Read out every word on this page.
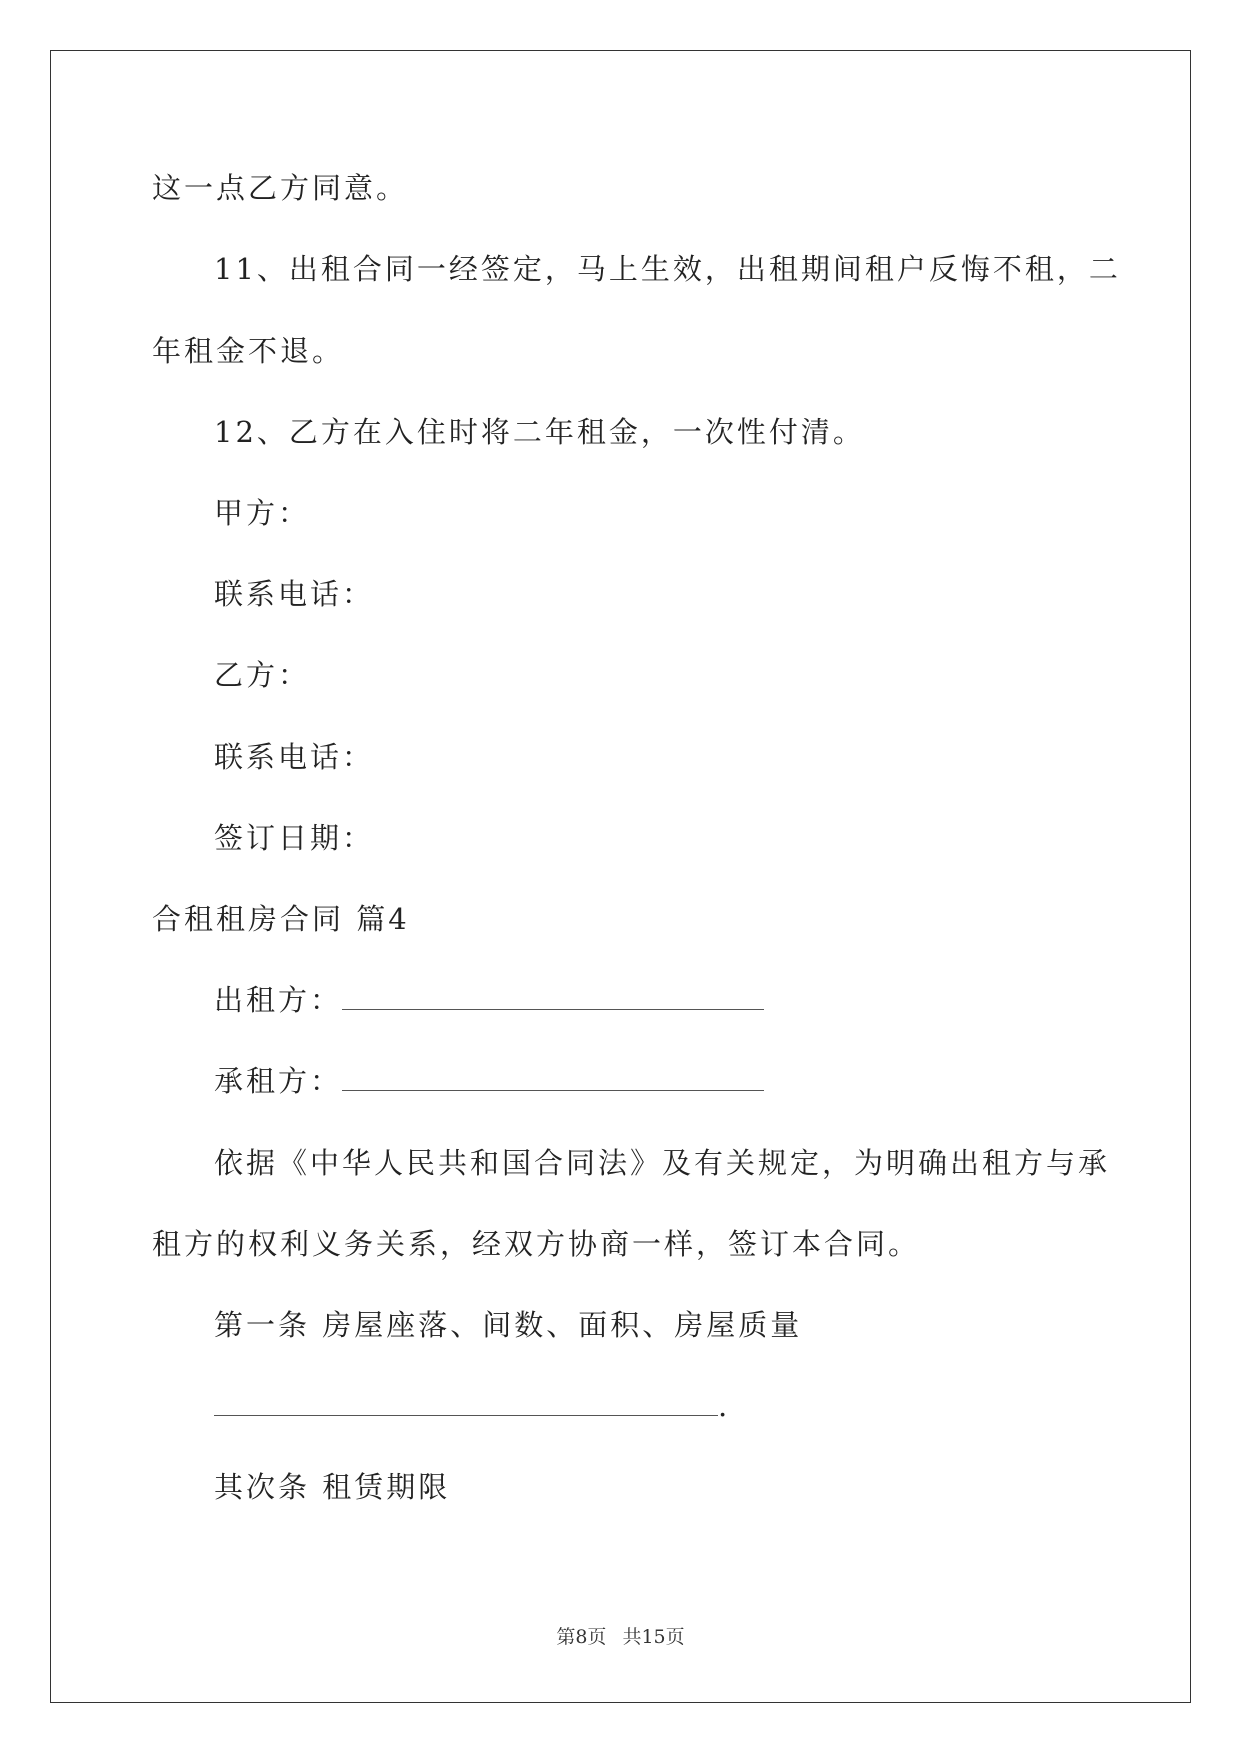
这一点乙方同意。
11、出租合同一经签定，马上生效，出租期间租户反悔不租，二
年租金不退。
12、乙方在入住时将二年租金，一次性付清。
甲方：
联系电话：
乙方：
联系电话：
签订日期：
合租租房合同 篇4
出租方：
承租方：
依据《中华人民共和国合同法》及有关规定，为明确出租方与承
租方的权利义务关系，经双方协商一样，签订本合同。
第一条 房屋座落、间数、面积、房屋质量
.
其次条 租赁期限
第8页 共15页
